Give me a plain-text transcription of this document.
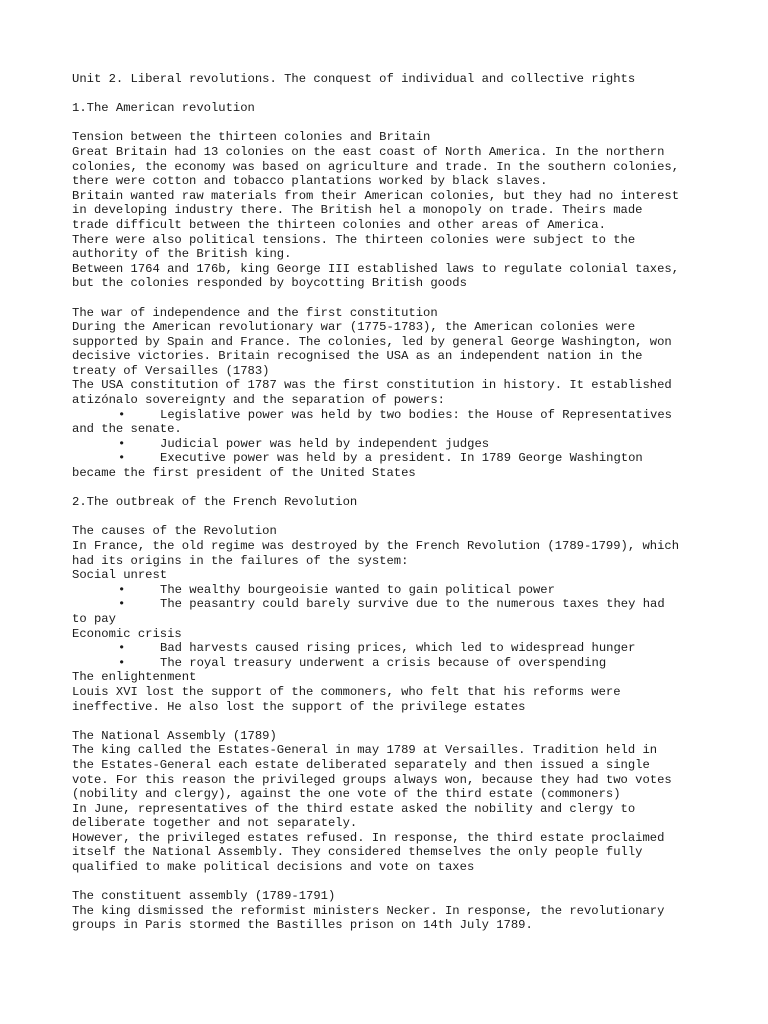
Unit 2. Liberal revolutions. The conquest of individual and collective rights
1.The American revolution
Tension between the thirteen colonies and Britain
Great Britain had 13 colonies on the east coast of North America. In the northern
colonies, the economy was based on agriculture and trade. In the southern colonies,
there were cotton and tobacco plantations worked by black slaves.
Britain wanted raw materials from their American colonies, but they had no interest
in developing industry there. The British hel a monopoly on trade. Theirs made
trade difficult between the thirteen colonies and other areas of America.
There were also political tensions. The thirteen colonies were subject to the
authority of the British king.
Between 1764 and 176b, king George III established laws to regulate colonial taxes,
but the colonies responded by boycotting British goods
The war of independence and the first constitution
During the American revolutionary war (1775-1783), the American colonies were
supported by Spain and France. The colonies, led by general George Washington, won
decisive victories. Britain recognised the USA as an independent nation in the
treaty of Versailles (1783)
The USA constitution of 1787 was the first constitution in history. It established
atizónalo sovereignty and the separation of powers:
•	Legislative power was held by two bodies: the House of Representatives
and the senate.
•	Judicial power was held by independent judges
•	Executive power was held by a president. In 1789 George Washington
became the first president of the United States
2.The outbreak of the French Revolution
The causes of the Revolution
In France, the old regime was destroyed by the French Revolution (1789-1799), which
had its origins in the failures of the system:
Social unrest
•	The wealthy bourgeoisie wanted to gain political power
•	The peasantry could barely survive due to the numerous taxes they had
to pay
Economic crisis
•	Bad harvests caused rising prices, which led to widespread hunger
•	The royal treasury underwent a crisis because of overspending
The enlightenment
Louis XVI lost the support of the commoners, who felt that his reforms were
ineffective. He also lost the support of the privilege estates
The National Assembly (1789)
The king called the Estates-General in may 1789 at Versailles. Tradition held in
the Estates-General each estate deliberated separately and then issued a single
vote. For this reason the privileged groups always won, because they had two votes
(nobility and clergy), against the one vote of the third estate (commoners)
In June, representatives of the third estate asked the nobility and clergy to
deliberate together and not separately.
However, the privileged estates refused. In response, the third estate proclaimed
itself the National Assembly. They considered themselves the only people fully
qualified to make political decisions and vote on taxes
The constituent assembly (1789-1791)
The king dismissed the reformist ministers Necker. In response, the revolutionary
groups in Paris stormed the Bastilles prison on 14th July 1789.
